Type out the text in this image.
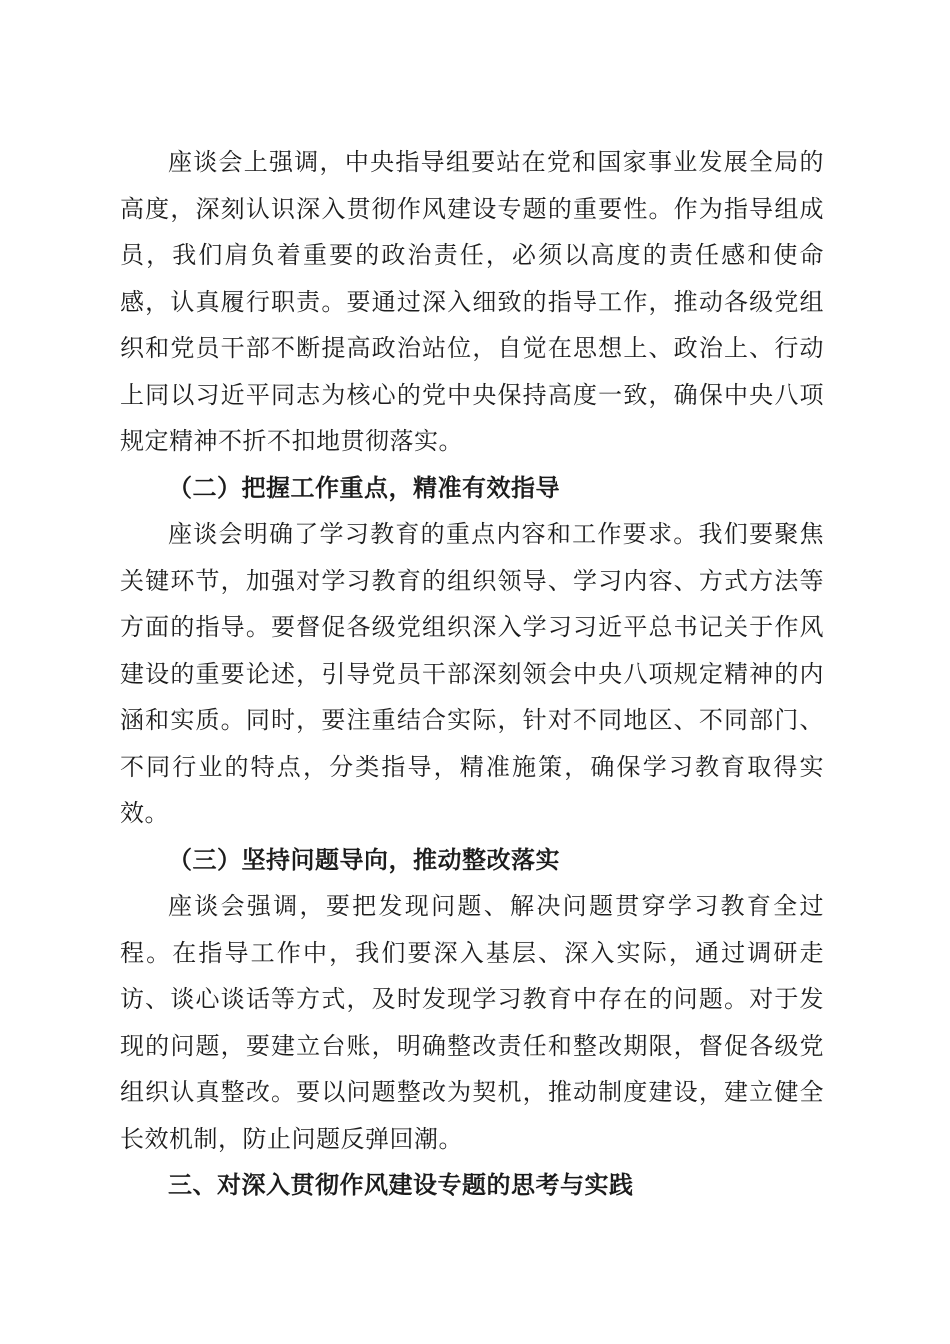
座谈会上强调，中央指导组要站在党和国家事业发展全局的高度，深刻认识深入贯彻作风建设专题的重要性。作为指导组成员，我们肩负着重要的政治责任，必须以高度的责任感和使命感，认真履行职责。要通过深入细致的指导工作，推动各级党组织和党员干部不断提高政治站位，自觉在思想上、政治上、行动上同以习近平同志为核心的党中央保持高度一致，确保中央八项规定精神不折不扣地贯彻落实。

（二）把握工作重点，精准有效指导

座谈会明确了学习教育的重点内容和工作要求。我们要聚焦关键环节，加强对学习教育的组织领导、学习内容、方式方法等方面的指导。要督促各级党组织深入学习习近平总书记关于作风建设的重要论述，引导党员干部深刻领会中央八项规定精神的内涵和实质。同时，要注重结合实际，针对不同地区、不同部门、不同行业的特点，分类指导，精准施策，确保学习教育取得实效。

（三）坚持问题导向，推动整改落实

座谈会强调，要把发现问题、解决问题贯穿学习教育全过程。在指导工作中，我们要深入基层、深入实际，通过调研走访、谈心谈话等方式，及时发现学习教育中存在的问题。对于发现的问题，要建立台账，明确整改责任和整改期限，督促各级党组织认真整改。要以问题整改为契机，推动制度建设，建立健全长效机制，防止问题反弹回潮。

三、对深入贯彻作风建设专题的思考与实践
